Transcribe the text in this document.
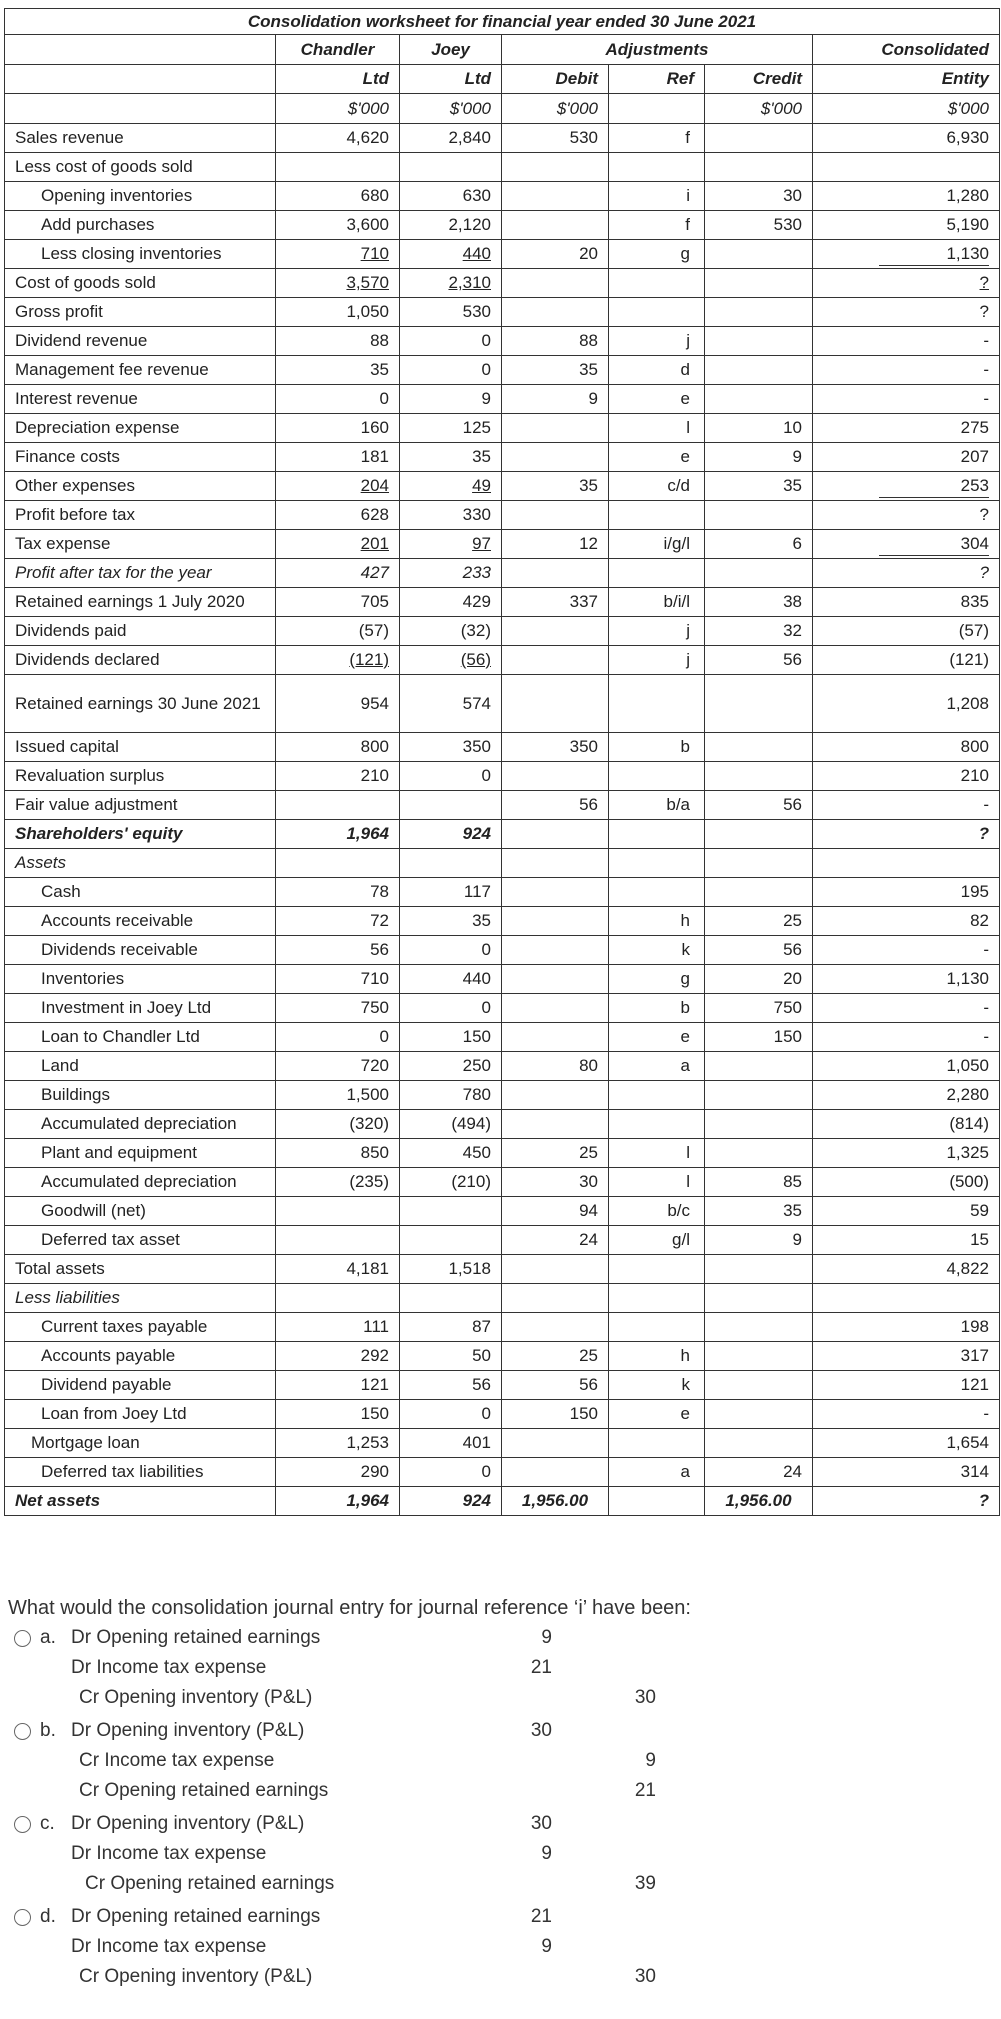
Consolidation worksheet for financial year ended 30 June 2021						
	Chandler	Joey	Adjustments			Consolidated
	Ltd	Ltd	Debit	Ref	Credit	Entity
	$'000	$'000	$'000		$'000	$'000
Sales revenue	4,620	2,840	530	f		6,930
Less cost of goods sold						
Opening inventories	680	630		i	30	1,280
Add purchases	3,600	2,120		f	530	5,190
Less closing inventories	710	440	20	g		1,130
Cost of goods sold	3,570	2,310				?
Gross profit	1,050	530				?
Dividend revenue	88	0	88	j		-
Management fee revenue	35	0	35	d		-
Interest revenue	0	9	9	e		-
Depreciation expense	160	125		l	10	275
Finance costs	181	35		e	9	207
Other expenses	204	49	35	c/d	35	253
Profit before tax	628	330				?
Tax expense	201	97	12	i/g/l	6	304
Profit after tax for the year	427	233				?
Retained earnings 1 July 2020	705	429	337	b/i/l	38	835
Dividends paid	(57)	(32)		j	32	(57)
Dividends declared	(121)	(56)		j	56	(121)
Retained earnings 30 June 2021	954	574				1,208
Issued capital	800	350	350	b		800
Revaluation surplus	210	0				210
Fair value adjustment			56	b/a	56	-
Shareholders' equity	1,964	924				?
Assets						
Cash	78	117				195
Accounts receivable	72	35		h	25	82
Dividends receivable	56	0		k	56	-
Inventories	710	440		g	20	1,130
Investment in Joey Ltd	750	0		b	750	-
Loan to Chandler Ltd	0	150		e	150	-
Land	720	250	80	a		1,050
Buildings	1,500	780				2,280
Accumulated depreciation	(320)	(494)				(814)
Plant and equipment	850	450	25	l		1,325
Accumulated depreciation	(235)	(210)	30	l	85	(500)
Goodwill (net)			94	b/c	35	59
Deferred tax asset			24	g/l	9	15
Total assets	4,181	1,518				4,822
Less liabilities						
Current taxes payable	111	87				198
Accounts payable	292	50	25	h		317
Dividend payable	121	56	56	k		121
Loan from Joey Ltd	150	0	150	e		-
Mortgage loan	1,253	401				1,654
Deferred tax liabilities	290	0		a	24	314
Net assets	1,964	924	1,956.00		1,956.00	?
What would the consolidation journal entry for journal reference ‘i’ have been:
a. Dr Opening retained earnings	9
Dr Income tax expense	21
Cr Opening inventory (P&L)	30
b. Dr Opening inventory (P&L)	30
Cr Income tax expense	9
Cr Opening retained earnings	21
c. Dr Opening inventory (P&L)	30
Dr Income tax expense	9
Cr Opening retained earnings	39
d. Dr Opening retained earnings	21
Dr Income tax expense	9
Cr Opening inventory (P&L)	30
